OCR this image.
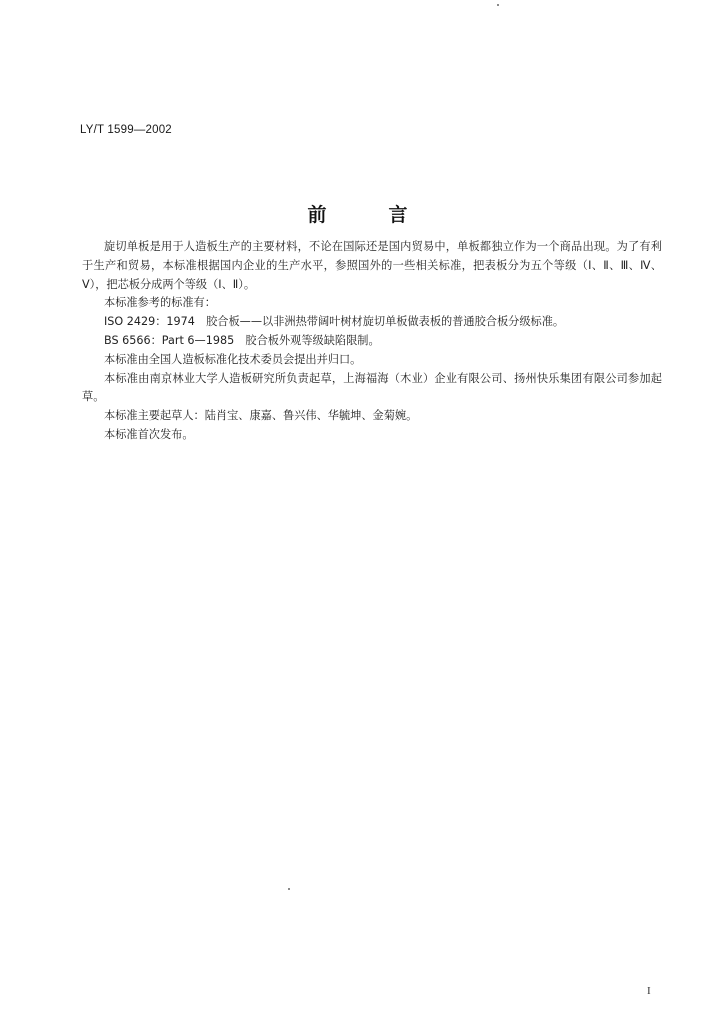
LY/T 1599—2002
前言

旋切单板是用于人造板生产的主要材料，不论在国际还是国内贸易中，单板都独立作为一个商品出现。为了有利于生产和贸易，本标准根据国内企业的生产水平，参照国外的一些相关标准，把表板分为五个等级（Ⅰ、Ⅱ、Ⅲ、Ⅳ、Ⅴ），把芯板分成两个等级（Ⅰ、Ⅱ）。

本标准参考的标准有：

ISO 2429：1974　胶合板——以非洲热带阔叶树材旋切单板做表板的普通胶合板分级标准。

BS 6566：Part 6—1985　胶合板外观等级缺陷限制。

本标准由全国人造板标准化技术委员会提出并归口。

本标准由南京林业大学人造板研究所负责起草，上海福海（木业）企业有限公司、扬州快乐集团有限公司参加起草。

本标准主要起草人：陆肖宝、康嘉、鲁兴伟、华毓坤、金菊婉。

本标准首次发布。

I
